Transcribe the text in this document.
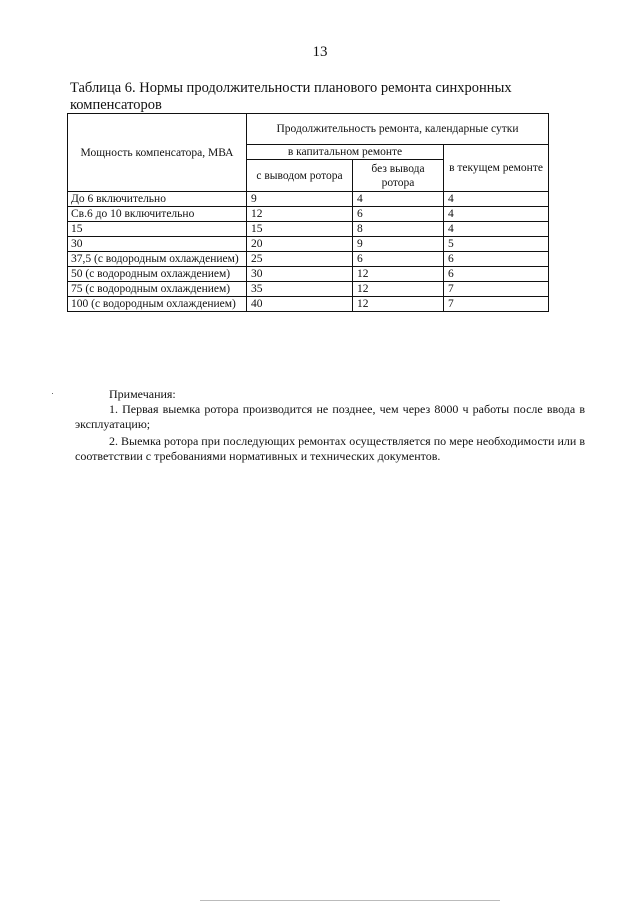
13

Таблица 6. Нормы продолжительности планового ремонта синхронных компенсаторов

Мощность компенсатора, МВА	Продолжительность ремонта, календарные сутки		
	в капитальном ремонте		в текущем ремонте
	с выводом ротора	без вывода ротора	
До 6 включительно	9	4	4
Св.6 до 10 включительно	12	6	4
15	15	8	4
30	20	9	5
37,5 (с водородным охлаждением)	25	6	6
50 (с водородным охлаждением)	30	12	6
75 (с водородным охлаждением)	35	12	7
100 (с водородным охлаждением)	40	12	7

Примечания:

1. Первая выемка ротора производится не позднее, чем через 8000 ч работы после ввода в эксплуатацию;

2. Выемка ротора при последующих ремонтах осуществляется по мере необходимости или в соответствии с требованиями нормативных и технических документов.
